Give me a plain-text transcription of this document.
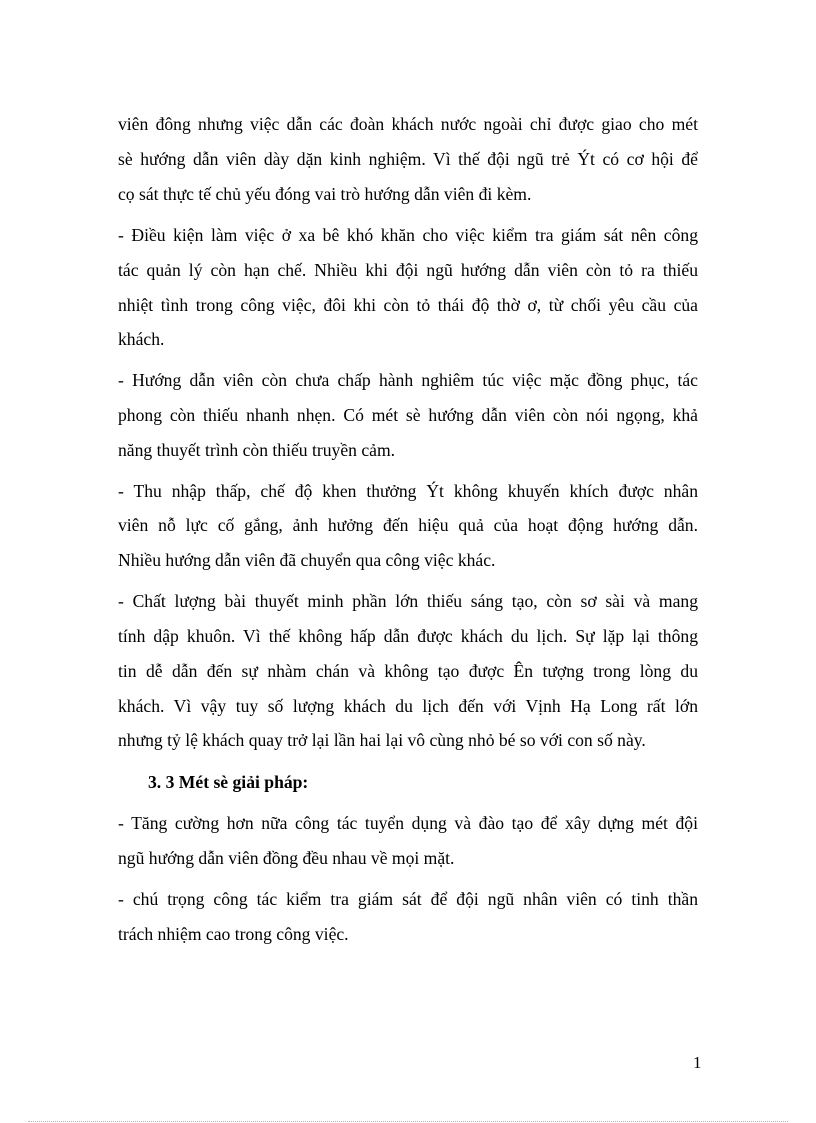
viên đông nhưng việc dẫn các đoàn khách nước ngoài chỉ được giao cho mét
sè hướng dẫn viên dày dặn kinh nghiệm. Vì thế đội ngũ trẻ Ýt có cơ hội để
cọ sát thực tế chủ yếu đóng vai trò hướng dẫn viên đi kèm.
- Điều kiện làm việc ở xa bê khó khăn cho việc kiểm tra giám sát nên công
tác quản lý còn hạn chế. Nhiều khi đội ngũ hướng dẫn viên còn tỏ ra thiếu
nhiệt tình trong công việc, đôi khi còn tỏ thái độ thờ ơ, từ chối yêu cầu của
khách.
- Hướng dẫn viên còn chưa chấp hành nghiêm túc việc mặc đồng phục, tác
phong còn thiếu nhanh nhẹn. Có mét sè hướng dẫn viên còn nói ngọng, khả
năng thuyết trình còn thiếu truyền cảm.
- Thu nhập thấp, chế độ khen thưởng Ýt không khuyến khích được nhân
viên nỗ lực cố gắng, ảnh hưởng đến hiệu quả của hoạt động hướng dẫn.
Nhiều hướng dẫn viên đã chuyển qua công việc khác.
- Chất lượng bài thuyết minh phần lớn thiếu sáng tạo, còn sơ sài và mang
tính dập khuôn. Vì thế không hấp dẫn được khách du lịch. Sự lặp lại thông
tin dễ dẫn đến sự nhàm chán và không tạo được Ên tượng trong lòng du
khách. Vì vậy tuy số lượng khách du lịch đến với Vịnh Hạ Long rất lớn
nhưng tỷ lệ khách quay trở lại lần hai lại vô cùng nhỏ bé so với con số này.
3. 3 Mét sè giải pháp:
- Tăng cường hơn nữa công tác tuyển dụng và đào tạo để xây dựng mét đội
ngũ hướng dẫn viên đồng đều nhau về mọi mặt.
- chú trọng công tác kiểm tra giám sát để đội ngũ nhân viên có tinh thần
trách nhiệm cao trong công việc.
1
